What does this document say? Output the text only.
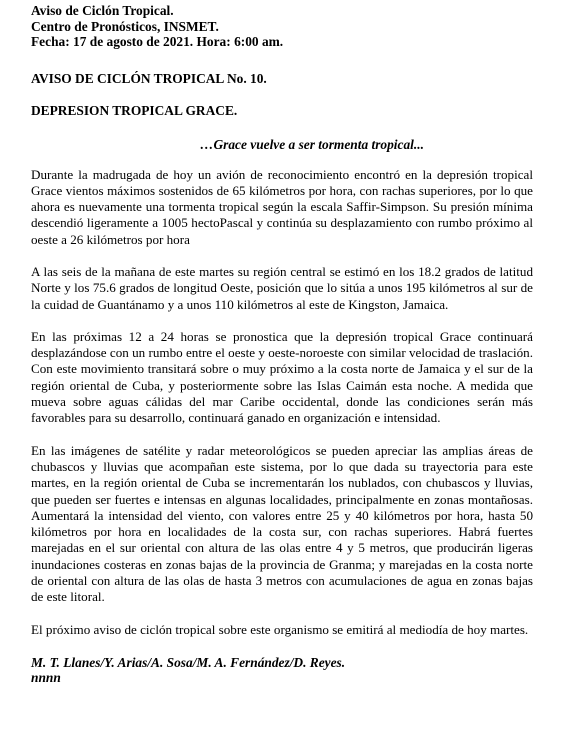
Aviso de Ciclón Tropical.

Centro de Pronósticos, INSMET.

Fecha: 17 de agosto de 2021. Hora: 6:00 am.

AVISO DE CICLÓN TROPICAL No. 10.

DEPRESION TROPICAL GRACE.

…Grace vuelve a ser tormenta tropical...

Durante la madrugada de hoy un avión de reconocimiento encontró en la depresión tropical Grace vientos máximos sostenidos de 65 kilómetros por hora, con rachas superiores, por lo que ahora es nuevamente una tormenta tropical según la escala Saffir-Simpson. Su presión mínima descendió ligeramente a 1005 hectoPascal y continúa su desplazamiento con rumbo próximo al oeste a 26 kilómetros por hora

A las seis de la mañana de este martes su región central se estimó en los 18.2 grados de latitud Norte y los 75.6 grados de longitud Oeste, posición que lo sitúa a unos 195 kilómetros al sur de la cuidad de Guantánamo y a unos 110 kilómetros al este de Kingston, Jamaica.

En las próximas 12 a 24 horas se pronostica que la depresión tropical Grace continuará desplazándose con un rumbo entre el oeste y oeste-noroeste con similar velocidad de traslación. Con este movimiento transitará sobre o muy próximo a la costa norte de Jamaica y el sur de la región oriental de Cuba, y posteriormente sobre las Islas Caimán esta noche. A medida que mueva sobre aguas cálidas del mar Caribe occidental, donde las condiciones serán más favorables para su desarrollo, continuará ganado en organización e intensidad.

En las imágenes de satélite y radar meteorológicos se pueden apreciar las amplias áreas de chubascos y lluvias que acompañan este sistema, por lo que dada su trayectoria para este martes, en la región oriental de Cuba se incrementarán los nublados, con chubascos y lluvias, que pueden ser fuertes e intensas en algunas localidades, principalmente en zonas montañosas. Aumentará la intensidad del viento, con valores entre 25 y 40 kilómetros por hora, hasta 50 kilómetros por hora en localidades de la costa sur, con rachas superiores. Habrá fuertes marejadas en el sur oriental con altura de las olas entre 4 y 5 metros, que producirán ligeras inundaciones costeras en zonas bajas de la provincia de Granma; y marejadas en la costa norte de oriental con altura de las olas de hasta 3 metros con acumulaciones de agua en zonas bajas de este litoral.

El próximo aviso de ciclón tropical sobre este organismo se emitirá al mediodía de hoy martes.

M. T. Llanes/Y. Arias/A. Sosa/M. A. Fernández/D. Reyes.

nnnn
